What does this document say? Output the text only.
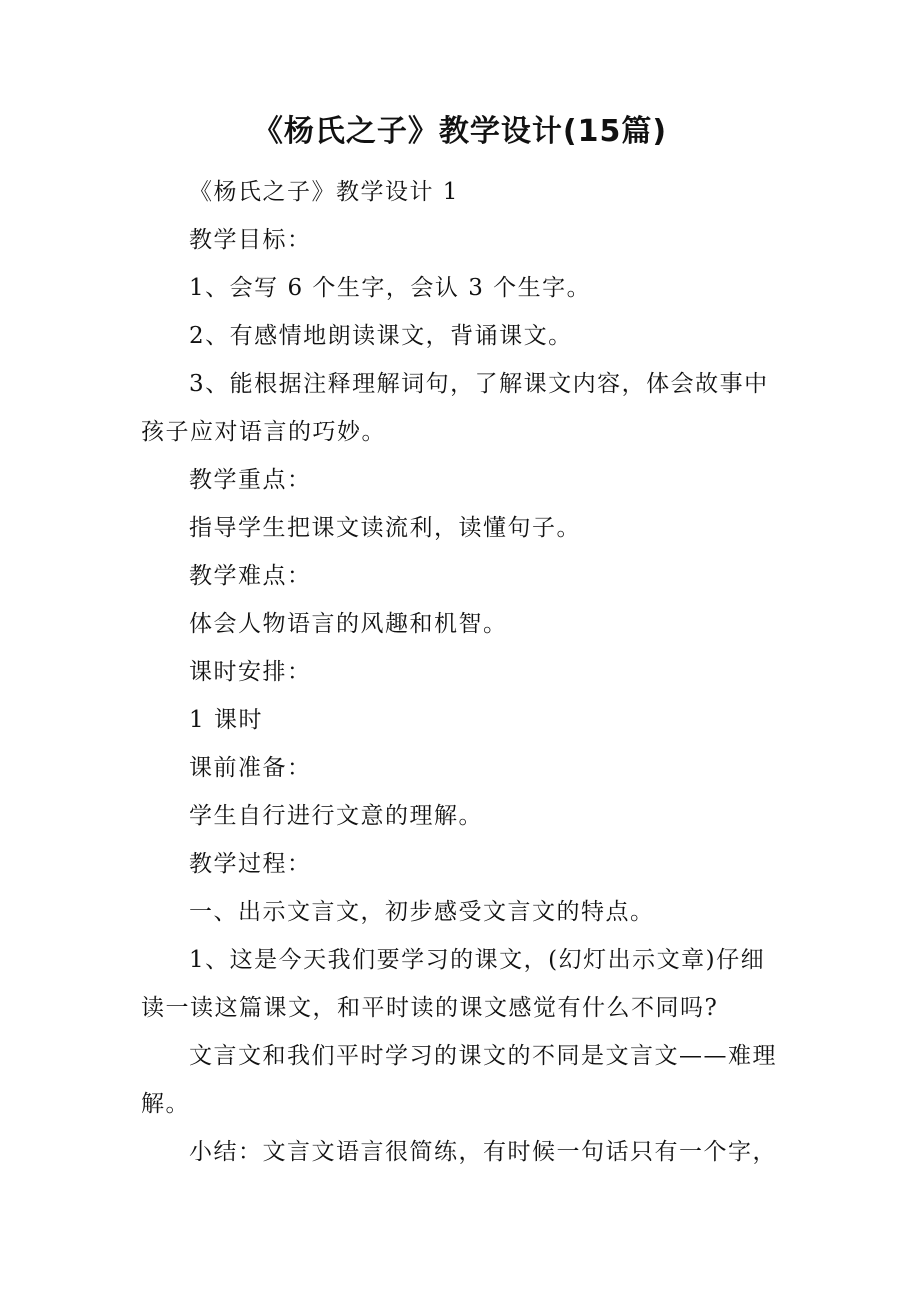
《杨氏之子》教学设计(15篇)

《杨氏之子》教学设计 1

教学目标：

1、会写 6 个生字，会认 3 个生字。

2、有感情地朗读课文，背诵课文。

3、能根据注释理解词句，了解课文内容，体会故事中孩子应对语言的巧妙。

教学重点：

指导学生把课文读流利，读懂句子。

教学难点：

体会人物语言的风趣和机智。

课时安排：

1 课时

课前准备：

学生自行进行文意的理解。

教学过程：

一、出示文言文，初步感受文言文的特点。

1、这是今天我们要学习的课文，(幻灯出示文章)仔细读一读这篇课文，和平时读的课文感觉有什么不同吗?

文言文和我们平时学习的课文的不同是文言文——难理解。

小结：文言文语言很简练，有时候一句话只有一个字，
